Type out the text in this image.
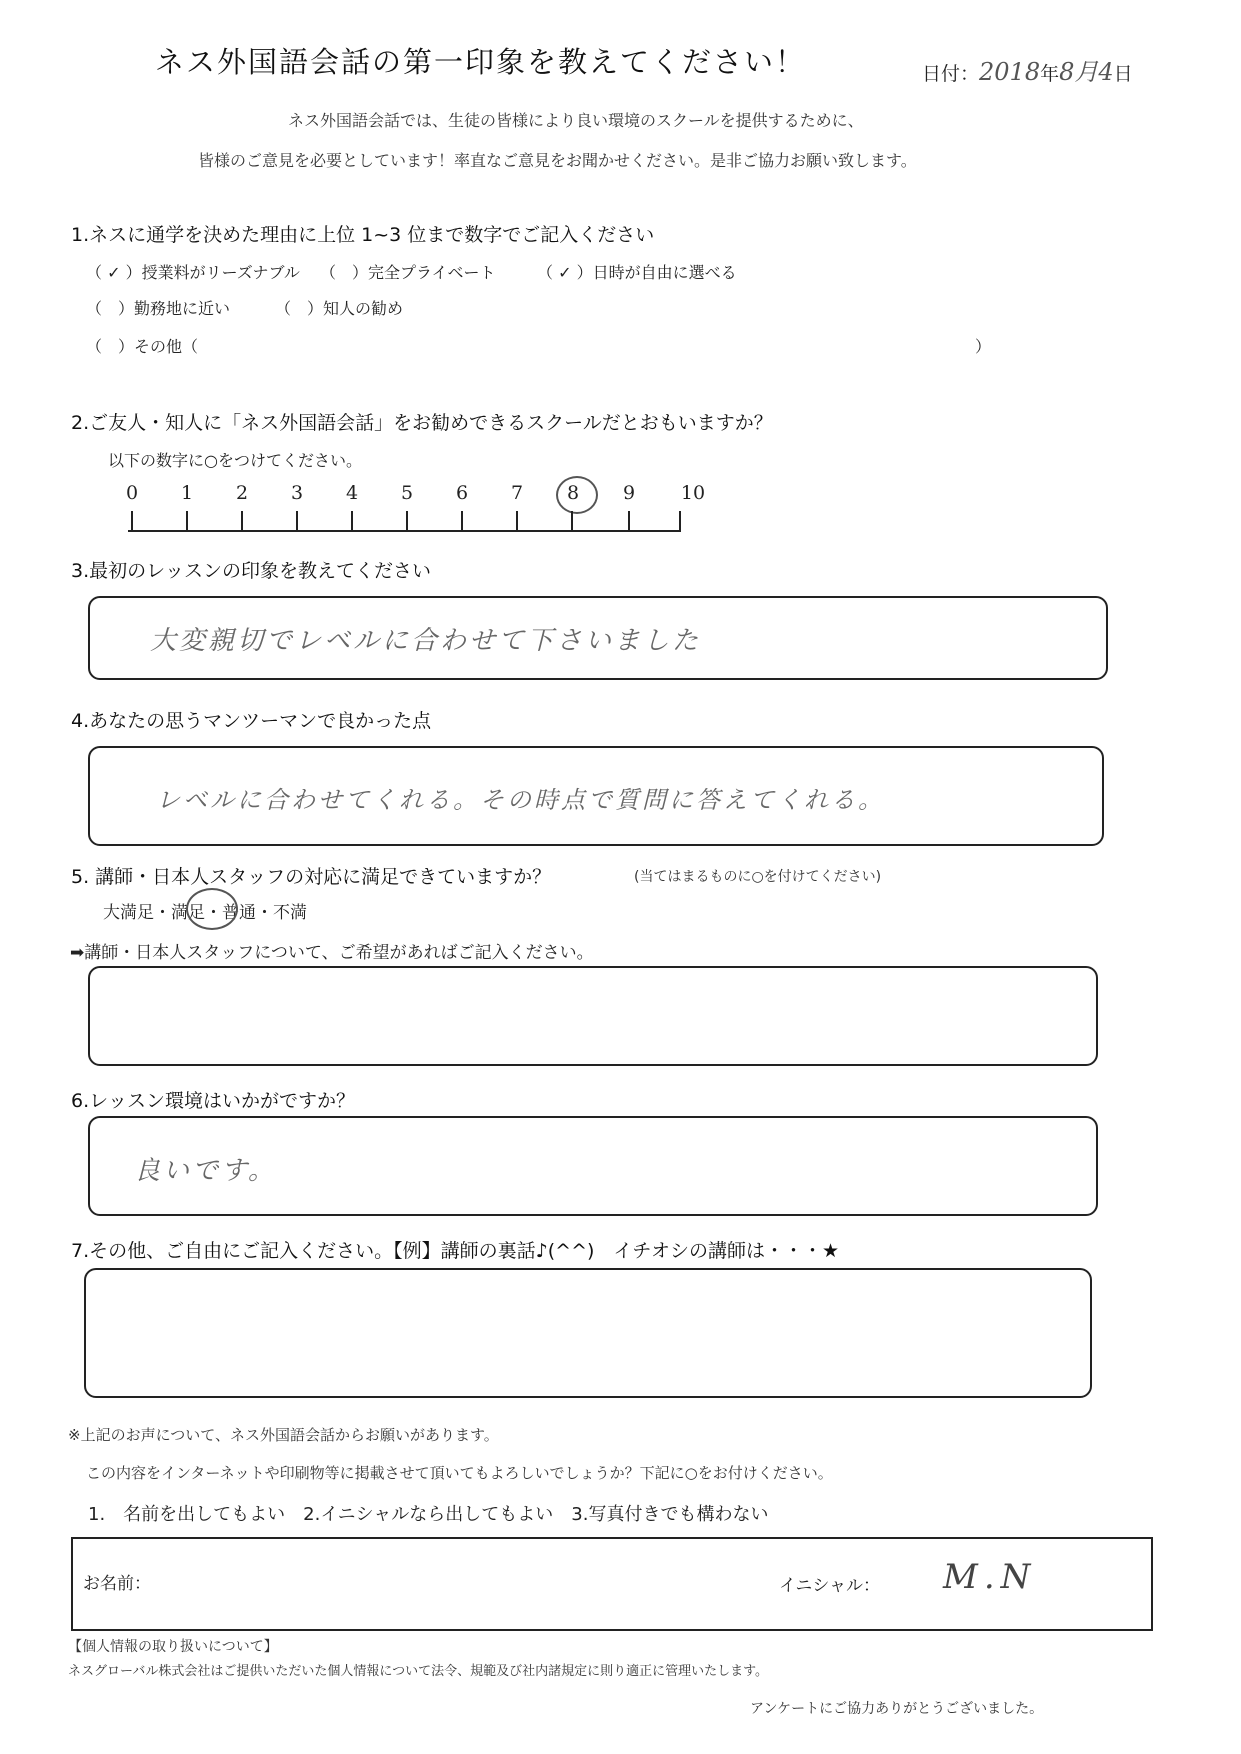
ネス外国語会話の第一印象を教えてください！	日付：2018年8月4日
ネス外国語会話では、生徒の皆様により良い環境のスクールを提供するために、
皆様のご意見を必要としています！率直なご意見をお聞かせください。是非ご協力お願い致します。
1.ネスに通学を決めた理由に上位 1~3 位まで数字でご記入ください
（ ✓ ）授業料がリーズナブル （　）完全プライベート	（ ✓ ）日時が自由に選べる
（　）勤務地に近い	（　）知人の勧め
（　）その他（	）
2.ご友人・知人に「ネス外国語会話」をお勧めできるスクールだとおもいますか？
以下の数字に○をつけてください。
0	1	2	3	4	5	6	7	8	9	10
3.最初のレッスンの印象を教えてください
大変親切でレベルに合わせて下さいました
4.あなたの思うマンツーマンで良かった点
レベルに合わせてくれる。その時点で質問に答えてくれる。
5. 講師・日本人スタッフの対応に満足できていますか？	(当てはまるものに○を付けてください)
大満足・満足・普通・不満
➡講師・日本人スタッフについて、ご希望があればご記入ください。
6.レッスン環境はいかがですか？
良いです。
7.その他、ご自由にご記入ください。【例】講師の裏話♪(^^)　イチオシの講師は・・・★
※上記のお声について、ネス外国語会話からお願いがあります。
この内容をインターネットや印刷物等に掲載させて頂いてもよろしいでしょうか？下記に○をお付けください。
1.　名前を出してもよい　2.イニシャルなら出してもよい　3.写真付きでも構わない
お名前：	イニシャル： M.N
【個人情報の取り扱いについて】
ネスグローバル株式会社はご提供いただいた個人情報について法令、規範及び社内諸規定に則り適正に管理いたします。
アンケートにご協力ありがとうございました。
